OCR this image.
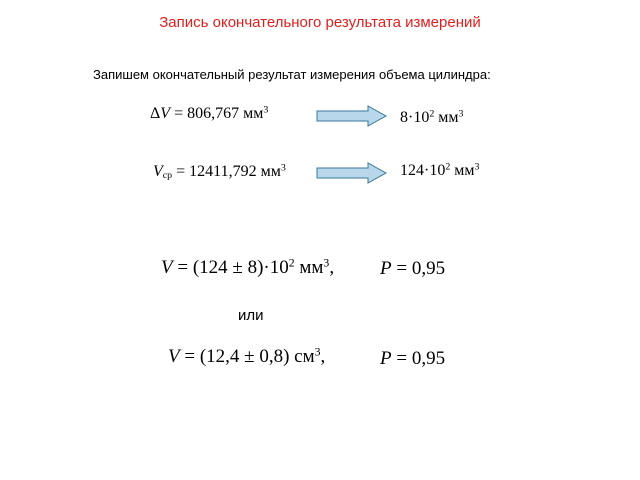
Запись окончательного результата измерений
Запишем окончательный результат измерения объема цилиндра:
ΔV = 806,767 $мм^3$	$8\cdot 10^2$ $мм^3$
$V_{ср} = 12411,792$ $мм^3$	$124\cdot 10^2$ $мм^3$
$V = (124 \pm 8)\cdot 10^2$ $мм^3$, P = 0,95
или
V = (12,4 ± 0,8) $см^3$,	P = 0,95
